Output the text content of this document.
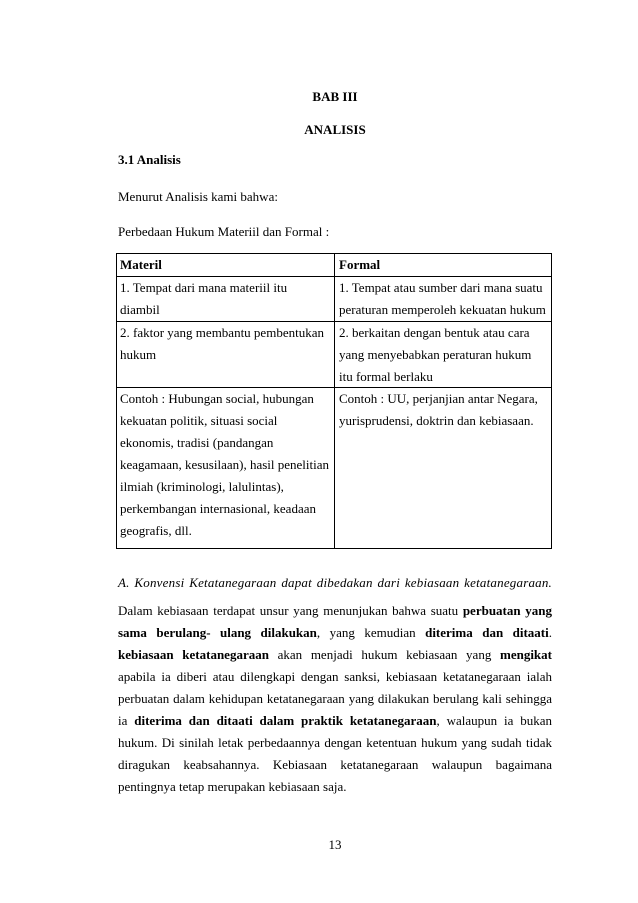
BAB III
ANALISIS
3.1 Analisis
Menurut Analisis kami bahwa:
Perbedaan Hukum Materiil dan Formal :
Materil	Formal
1. Tempat dari mana materiil itu
diambil
1. Tempat atau sumber dari mana suatu
peraturan memperoleh kekuatan hukum
2. faktor yang membantu pembentukan
hukum
2. berkaitan dengan bentuk atau cara
yang menyebabkan peraturan hukum
itu formal berlaku
Contoh : Hubungan social, hubungan
kekuatan politik, situasi social
ekonomis, tradisi (pandangan
keagamaan, kesusilaan), hasil penelitian
ilmiah (kriminologi, lalulintas),
perkembangan internasional, keadaan
geografis, dll.
Contoh : UU, perjanjian antar Negara,
yurisprudensi, doktrin dan kebiasaan.
A. Konvensi Ketatanegaraan dapat dibedakan dari kebiasaan ketatanegaraan.
Dalam kebiasaan terdapat unsur yang menunjukan bahwa suatu perbuatan yang
sama berulang- ulang dilakukan, yang kemudian diterima dan ditaati.
kebiasaan ketatanegaraan akan menjadi hukum kebiasaan yang mengikat
apabila ia diberi atau dilengkapi dengan sanksi, kebiasaan ketatanegaraan ialah
perbuatan dalam kehidupan ketatanegaraan yang dilakukan berulang kali sehingga
ia diterima dan ditaati dalam praktik ketatanegaraan, walaupun ia bukan
hukum. Di sinilah letak perbedaannya dengan ketentuan hukum yang sudah tidak
diragukan keabsahannya. Kebiasaan ketatanegaraan walaupun bagaimana
pentingnya tetap merupakan kebiasaan saja.
13
